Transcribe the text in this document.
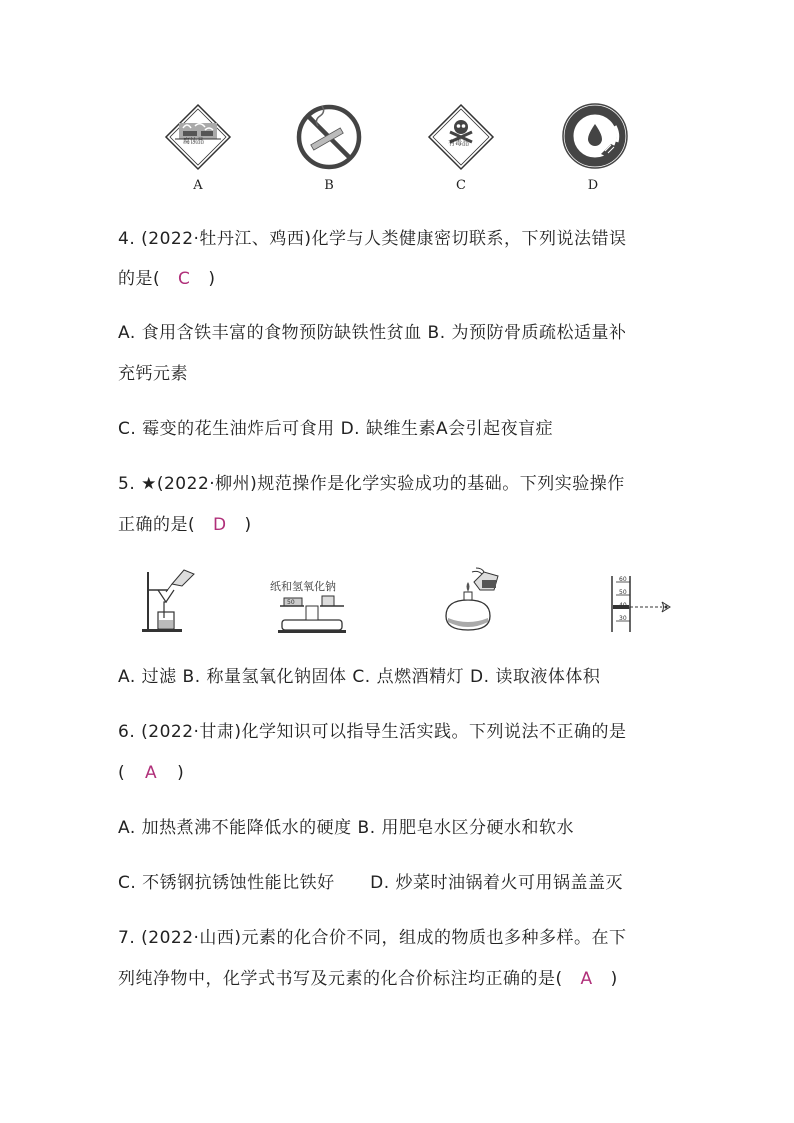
腐蚀品	有毒品
A	B	C	D
4. (2022·牡丹江、鸡西)化学与人类健康密切联系，下列说法错误
的是( C )
A. 食用含铁丰富的食物预防缺铁性贫血 B. 为预防骨质疏松适量补
充钙元素
C. 霉变的花生油炸后可食用 D. 缺维生素A会引起夜盲症
5. ★(2022·柳州)规范操作是化学实验成功的基础。下列实验操作
正确的是( D )
纸和氢氧化钠
50
60
50
40
30
A. 过滤 B. 称量氢氧化钠固体 C. 点燃酒精灯 D. 读取液体体积
6. (2022·甘肃)化学知识可以指导生活实践。下列说法不正确的是
( A )
A. 加热煮沸不能降低水的硬度 B. 用肥皂水区分硬水和软水
C. 不锈钢抗锈蚀性能比铁好      D. 炒菜时油锅着火可用锅盖盖灭
7. (2022·山西)元素的化合价不同，组成的物质也多种多样。在下
列纯净物中，化学式书写及元素的化合价标注均正确的是( A )
